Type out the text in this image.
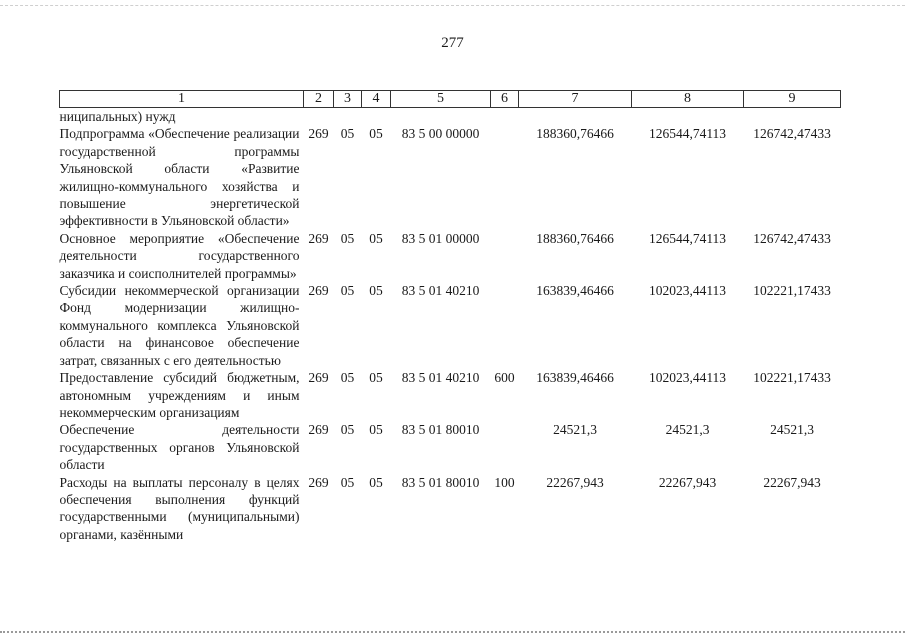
277
1	2	3	4	5	6	7	8	9
ниципальных) нужд								
Подпрограмма «Обеспечение реализации государственной программы Ульяновской области «Развитие жилищно-коммунального хозяйства и повышение энергетической эффективности в Ульяновской области»	269	05	05	83 5 00 00000		188360,76466	126544,74113	126742,47433
Основное мероприятие «Обеспечение деятельности государственного заказчика и соисполнителей программы»	269	05	05	83 5 01 00000		188360,76466	126544,74113	126742,47433
Субсидии некоммерческой организации Фонд модернизации жилищно-коммунального комплекса Ульяновской области на финансовое обеспечение затрат, связанных с его деятельностью	269	05	05	83 5 01 40210		163839,46466	102023,44113	102221,17433
Предоставление субсидий бюджетным, автономным учреждениям и иным некоммерческим организациям	269	05	05	83 5 01 40210	600	163839,46466	102023,44113	102221,17433
Обеспечение деятельности государственных органов Ульяновской области	269	05	05	83 5 01 80010		24521,3	24521,3	24521,3
Расходы на выплаты персоналу в целях обеспечения выполнения функций государственными (муниципальными) органами, казёнными	269	05	05	83 5 01 80010	100	22267,943	22267,943	22267,943
